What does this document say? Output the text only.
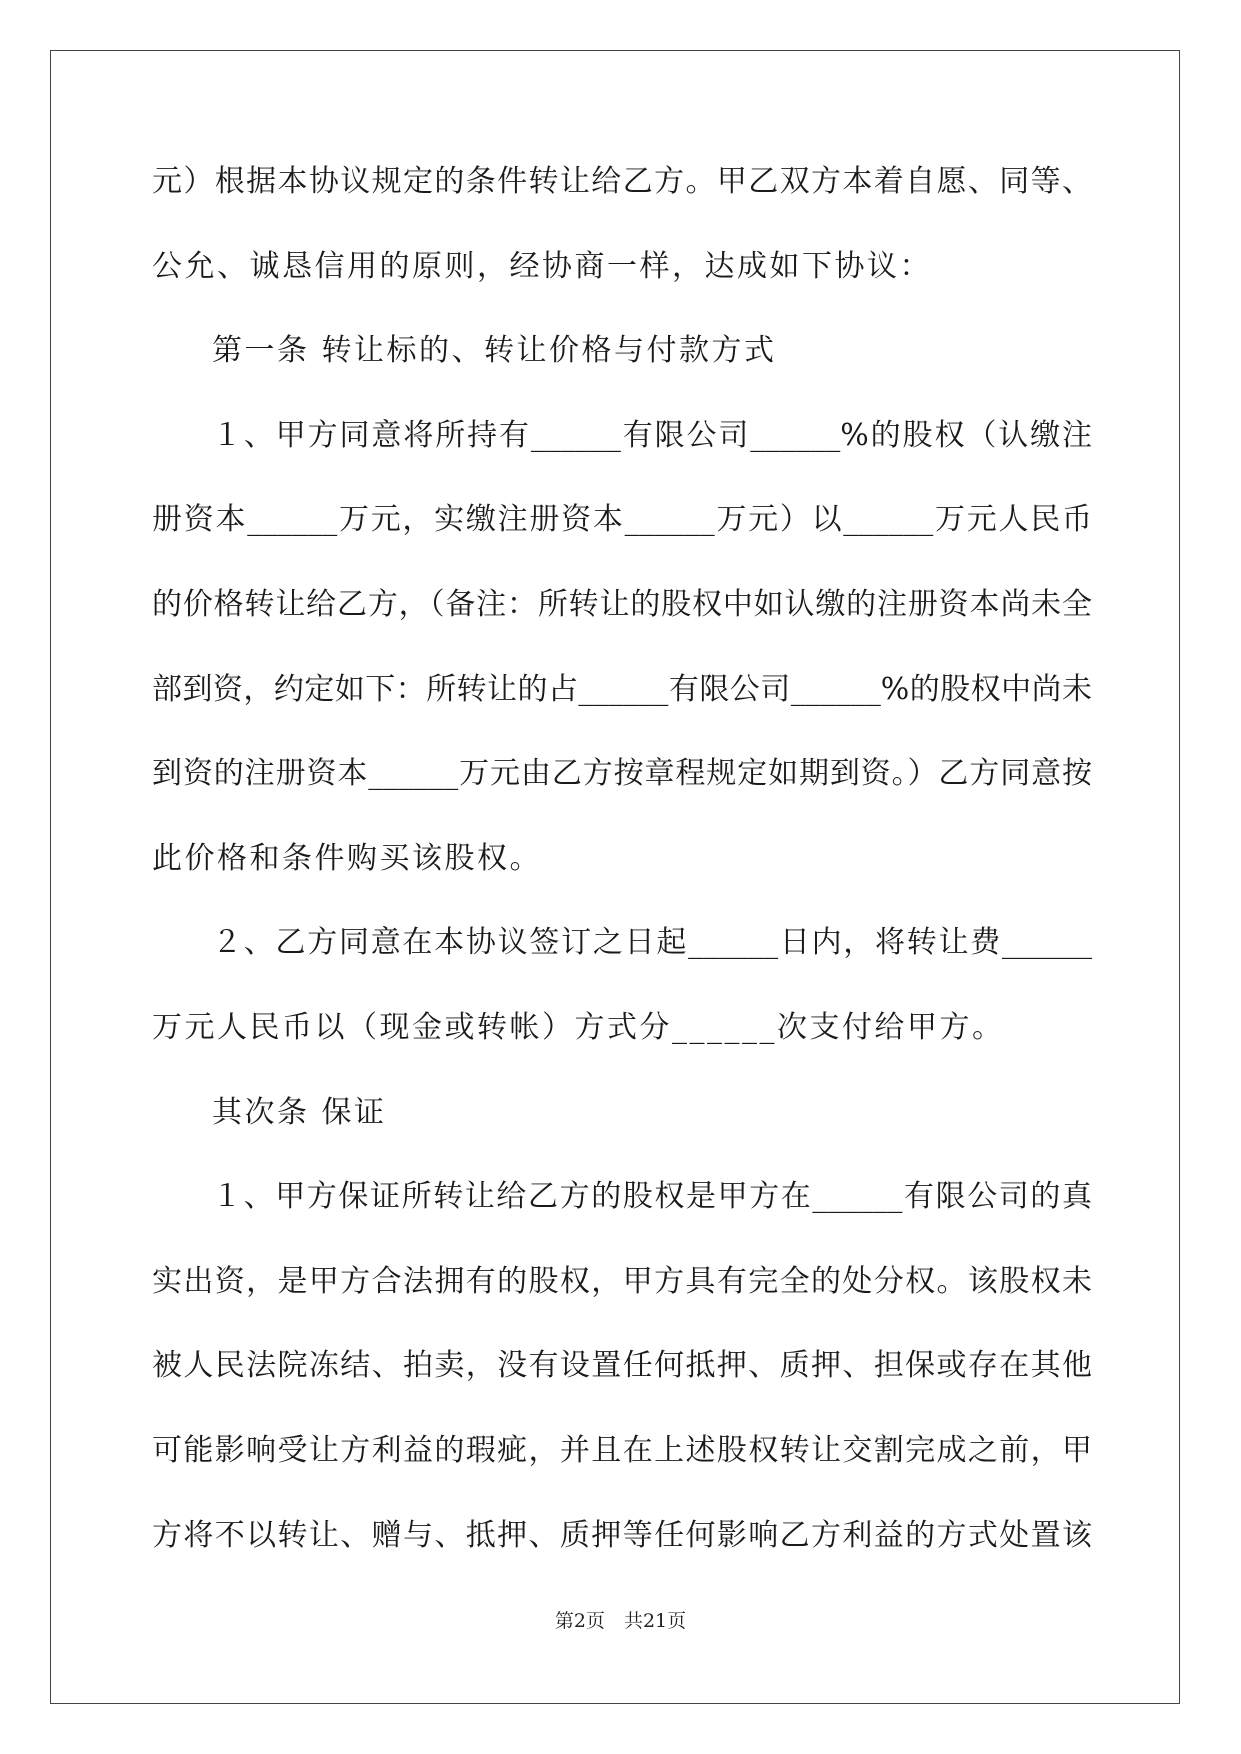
元）根据本协议规定的条件转让给乙方。甲乙双方本着自愿、同等、
公允、诚恳信用的原则，经协商一样，达成如下协议：
第一条 转让标的、转让价格与付款方式
１、甲方同意将所持有______有限公司______%的股权（认缴注
册资本______万元，实缴注册资本______万元）以______万元人民币
的价格转让给乙方，（备注：所转让的股权中如认缴的注册资本尚未全
部到资，约定如下：所转让的占______有限公司______%的股权中尚未
到资的注册资本______万元由乙方按章程规定如期到资。）乙方同意按
此价格和条件购买该股权。
２、乙方同意在本协议签订之日起______日内，将转让费______
万元人民币以（现金或转帐）方式分______次支付给甲方。
其次条 保证
１、甲方保证所转让给乙方的股权是甲方在______有限公司的真
实出资，是甲方合法拥有的股权，甲方具有完全的处分权。该股权未
被人民法院冻结、拍卖，没有设置任何抵押、质押、担保或存在其他
可能影响受让方利益的瑕疵，并且在上述股权转让交割完成之前，甲
方将不以转让、赠与、抵押、质押等任何影响乙方利益的方式处置该
第2页　共21页
